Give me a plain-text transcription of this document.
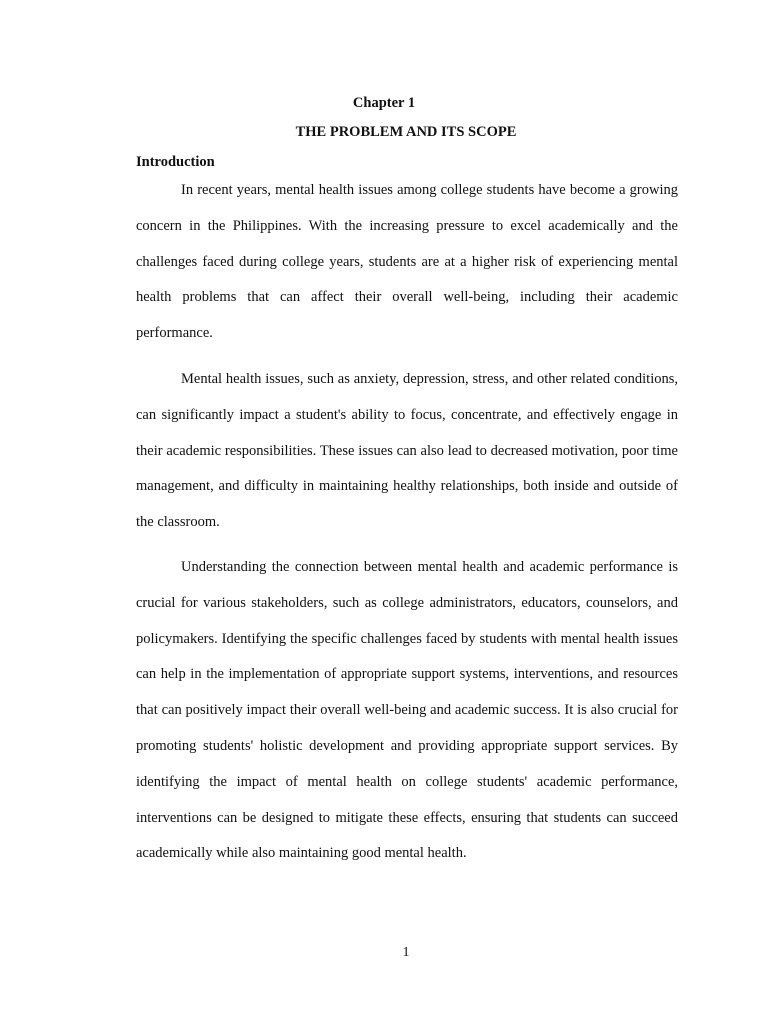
Chapter 1
THE PROBLEM AND ITS SCOPE
Introduction

In recent years, mental health issues among college students have become a growing concern in the Philippines. With the increasing pressure to excel academically and the challenges faced during college years, students are at a higher risk of experiencing mental health problems that can affect their overall well-being, including their academic performance.

Mental health issues, such as anxiety, depression, stress, and other related conditions, can significantly impact a student's ability to focus, concentrate, and effectively engage in their academic responsibilities. These issues can also lead to decreased motivation, poor time management, and difficulty in maintaining healthy relationships, both inside and outside of the classroom.

Understanding the connection between mental health and academic performance is crucial for various stakeholders, such as college administrators, educators, counselors, and policymakers. Identifying the specific challenges faced by students with mental health issues can help in the implementation of appropriate support systems, interventions, and resources that can positively impact their overall well-being and academic success. It is also crucial for promoting students' holistic development and providing appropriate support services. By identifying the impact of mental health on college students' academic performance, interventions can be designed to mitigate these effects, ensuring that students can succeed academically while also maintaining good mental health.

1
